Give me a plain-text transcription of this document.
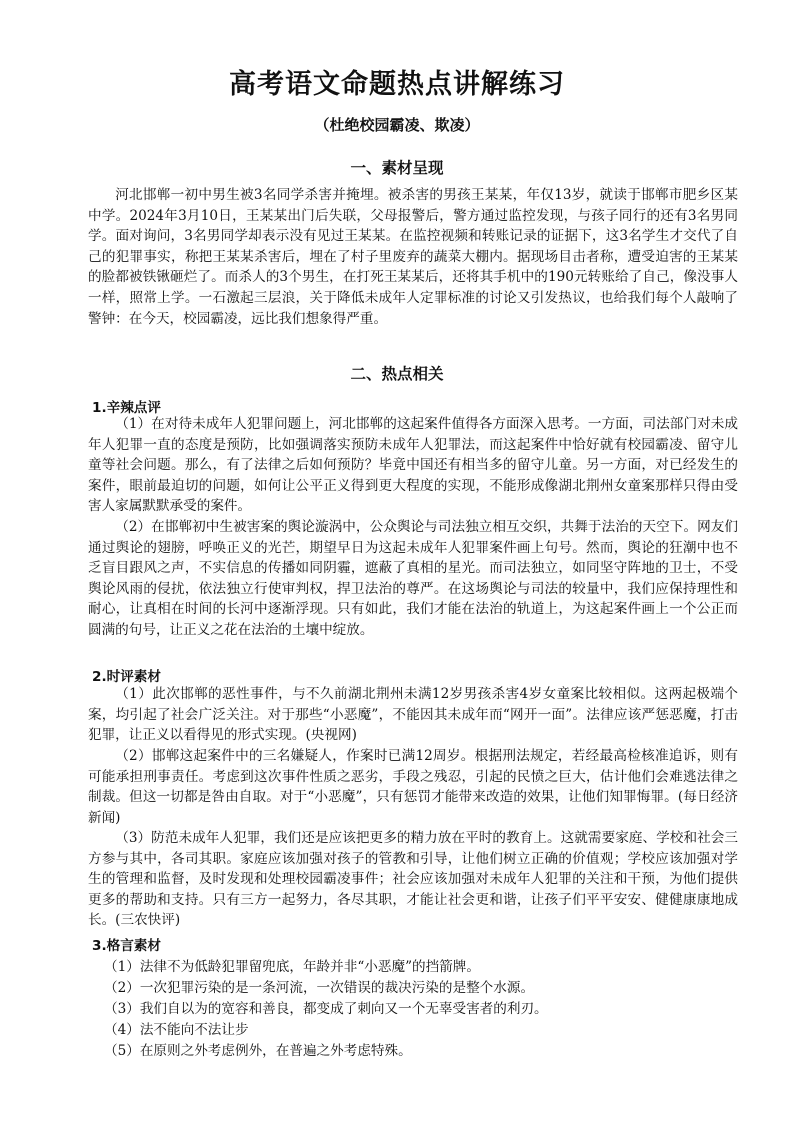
高考语文命题热点讲解练习
（杜绝校园霸凌、欺凌）
一、素材呈现

河北邯郸一初中男生被3名同学杀害并掩埋。被杀害的男孩王某某，年仅13岁，就读于邯郸市肥乡区某中学。2024年3月10日，王某某出门后失联，父母报警后，警方通过监控发现，与孩子同行的还有3名男同学。面对询问，3名男同学却表示没有见过王某某。在监控视频和转账记录的证据下，这3名学生才交代了自己的犯罪事实，称把王某某杀害后，埋在了村子里废弃的蔬菜大棚内。据现场目击者称，遭受迫害的王某某的脸都被铁锹砸烂了。而杀人的3个男生，在打死王某某后，还将其手机中的190元转账给了自己，像没事人一样，照常上学。一石激起三层浪，关于降低未成年人定罪标准的讨论又引发热议，也给我们每个人敲响了警钟：在今天，校园霸凌，远比我们想象得严重。

二、热点相关
1.辛辣点评

（1）在对待未成年人犯罪问题上，河北邯郸的这起案件值得各方面深入思考。一方面，司法部门对未成年人犯罪一直的态度是预防，比如强调落实预防未成年人犯罪法，而这起案件中恰好就有校园霸凌、留守儿童等社会问题。那么，有了法律之后如何预防？毕竟中国还有相当多的留守儿童。另一方面，对已经发生的案件，眼前最迫切的问题，如何让公平正义得到更大程度的实现，不能形成像湖北荆州女童案那样只得由受害人家属默默承受的案件。

（2）在邯郸初中生被害案的舆论漩涡中，公众舆论与司法独立相互交织，共舞于法治的天空下。网友们通过舆论的翅膀，呼唤正义的光芒，期望早日为这起未成年人犯罪案件画上句号。然而，舆论的狂潮中也不乏盲目跟风之声，不实信息的传播如同阴霾，遮蔽了真相的星光。而司法独立，如同坚守阵地的卫士，不受舆论风雨的侵扰，依法独立行使审判权，捍卫法治的尊严。在这场舆论与司法的较量中，我们应保持理性和耐心，让真相在时间的长河中逐渐浮现。只有如此，我们才能在法治的轨道上，为这起案件画上一个公正而圆满的句号，让正义之花在法治的土壤中绽放。

2.时评素材

（1）此次邯郸的恶性事件，与不久前湖北荆州未满12岁男孩杀害4岁女童案比较相似。这两起极端个案，均引起了社会广泛关注。对于那些“小恶魔”，不能因其未成年而“网开一面”。法律应该严惩恶魔，打击犯罪，让正义以看得见的形式实现。(央视网)

（2）邯郸这起案件中的三名嫌疑人，作案时已满12周岁。根据刑法规定，若经最高检核准追诉，则有可能承担刑事责任。考虑到这次事件性质之恶劣，手段之残忍，引起的民愤之巨大，估计他们会难逃法律之制裁。但这一切都是咎由自取。对于“小恶魔”，只有惩罚才能带来改造的效果，让他们知罪悔罪。(每日经济新闻)

（3）防范未成年人犯罪，我们还是应该把更多的精力放在平时的教育上。这就需要家庭、学校和社会三方参与其中，各司其职。家庭应该加强对孩子的管教和引导，让他们树立正确的价值观；学校应该加强对学生的管理和监督，及时发现和处理校园霸凌事件；社会应该加强对未成年人犯罪的关注和干预，为他们提供更多的帮助和支持。只有三方一起努力，各尽其职，才能让社会更和谐，让孩子们平平安安、健健康康地成长。(三农快评)

3.格言素材
（1）法律不为低龄犯罪留兜底，年龄并非“小恶魔”的挡箭牌。
（2）一次犯罪污染的是一条河流，一次错误的裁决污染的是整个水源。
（3）我们自以为的宽容和善良，都变成了刺向又一个无辜受害者的利刃。
（4）法不能向不法让步
（5）在原则之外考虑例外，在普遍之外考虑特殊。
